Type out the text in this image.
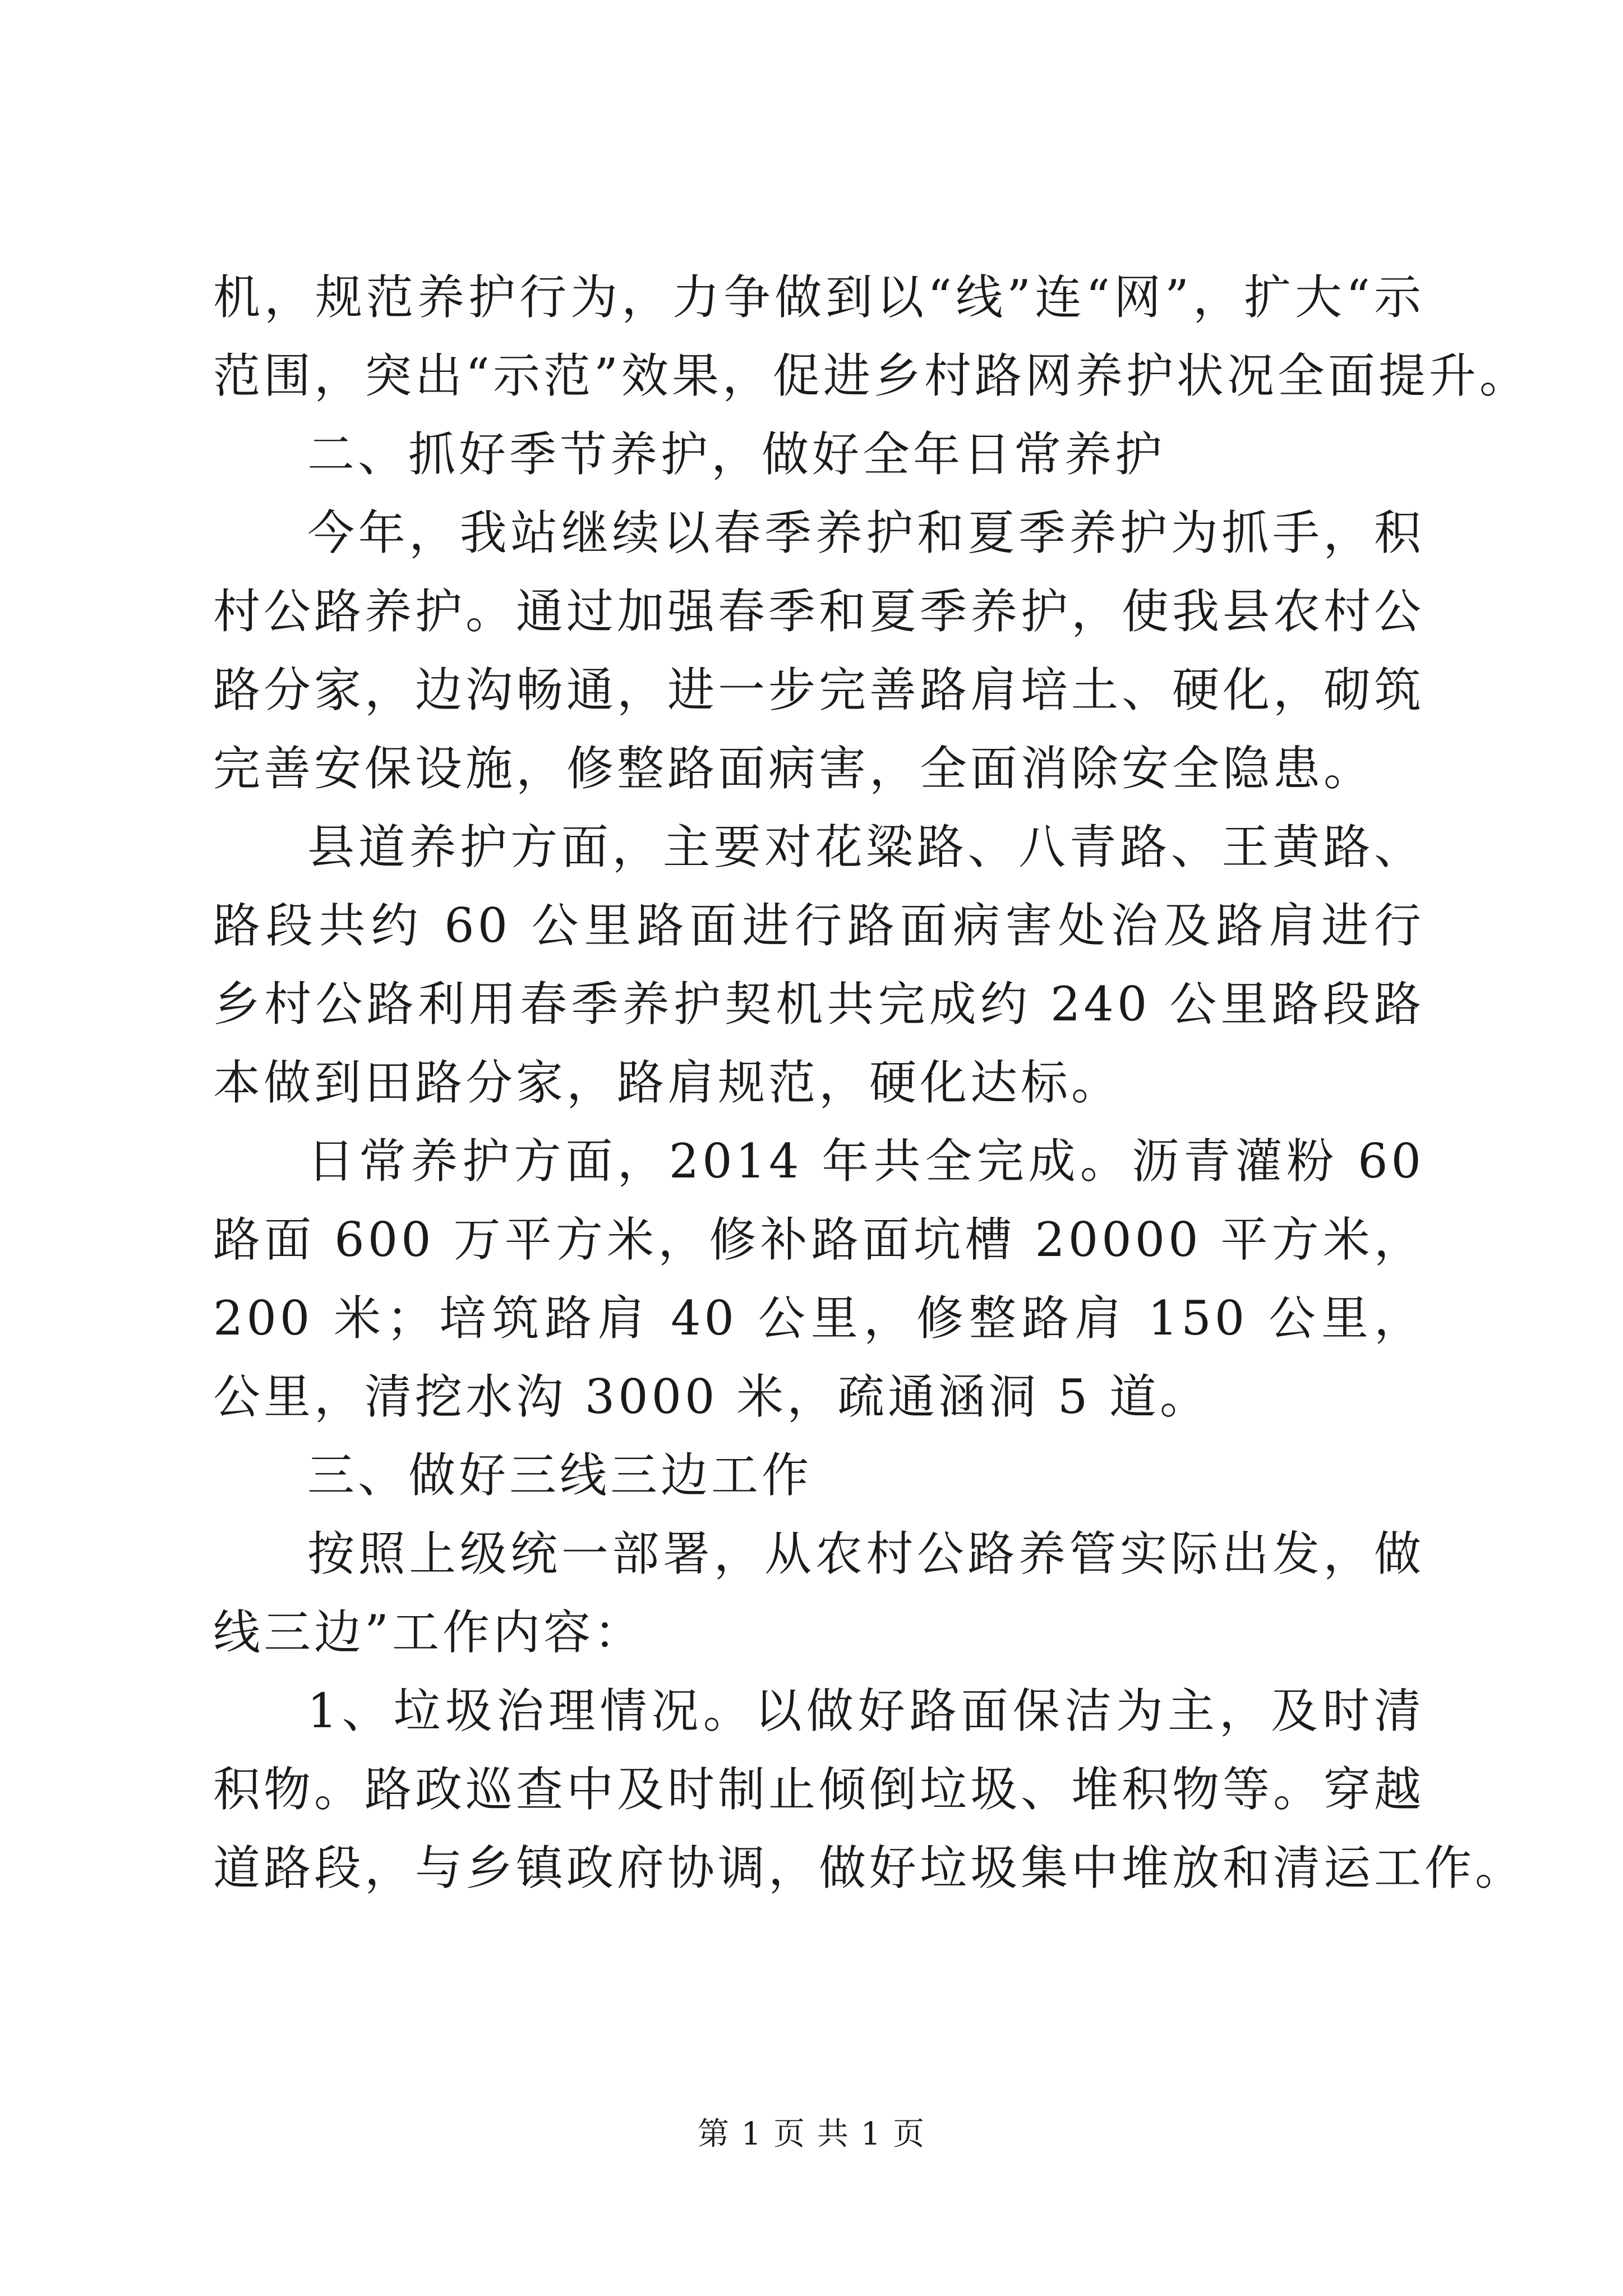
机，规范养护行为，力争做到以“线”连“网”，扩大“示
范围，突出“示范”效果，促进乡村路网养护状况全面提升。
二、抓好季节养护，做好全年日常养护
今年，我站继续以春季养护和夏季养护为抓手，积
村公路养护。通过加强春季和夏季养护，使我县农村公
路分家，边沟畅通，进一步完善路肩培土、硬化，砌筑
完善安保设施，修整路面病害，全面消除安全隐患。
县道养护方面，主要对花粱路、八青路、王黄路、
路段共约 60 公里路面进行路面病害处治及路肩进行
乡村公路利用春季养护契机共完成约 240 公里路段路
本做到田路分家，路肩规范，硬化达标。
日常养护方面，2014 年共全完成。沥青灌粉 60
路面 600 万平方米，修补路面坑槽 20000 平方米，
200 米；培筑路肩 40 公里，修整路肩 150 公里，
公里，清挖水沟 3000 米，疏通涵洞 5 道。
三、做好三线三边工作
按照上级统一部署，从农村公路养管实际出发，做
线三边”工作内容：
1、垃圾治理情况。以做好路面保洁为主，及时清
积物。路政巡查中及时制止倾倒垃圾、堆积物等。穿越
道路段，与乡镇政府协调，做好垃圾集中堆放和清运工作。
第 1 页 共 1 页
